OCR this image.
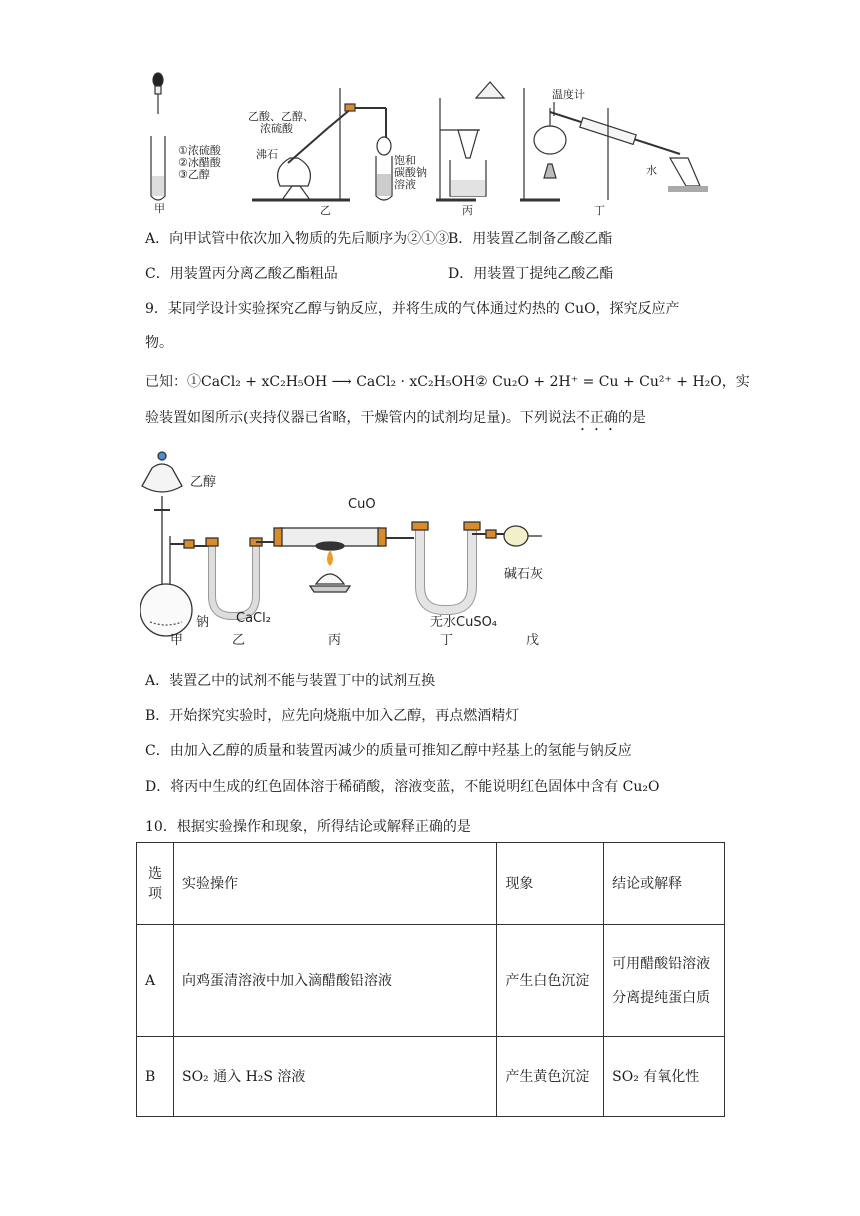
①浓硫酸
②冰醋酸
③乙醇
甲
乙酸、乙醇、
浓硫酸
沸石	饱和
碳酸钠
溶液
乙	丙
温度计
水
丁
A．向甲试管中依次加入物质的先后顺序为②①③
B．用装置乙制备乙酸乙酯
C．用装置丙分离乙酸乙酯粗品	D．用装置丁提纯乙酸乙酯
9．某同学设计实验探究乙醇与钠反应，并将生成的气体通过灼热的 CuO，探究反应产
物。
已知：①CaCl₂ + xC₂H₅OH ⟶ CaCl₂ · xC₂H₅OH② Cu₂O + 2H⁺ = Cu + Cu²⁺ + H₂O，实
验装置如图所示(夹持仪器已省略，干燥管内的试剂均足量)。下列说法不正确的是
乙醇
钠 CaCl₂
CuO
无水CuSO₄
碱石灰
甲	乙	丙	丁	戊
A．装置乙中的试剂不能与装置丁中的试剂互换
B．开始探究实验时，应先向烧瓶中加入乙醇，再点燃酒精灯
C．由加入乙醇的质量和装置丙减少的质量可推知乙醇中羟基上的氢能与钠反应
D．将丙中生成的红色固体溶于稀硝酸，溶液变蓝，不能说明红色固体中含有 Cu₂O
10．根据实验操作和现象，所得结论或解释正确的是
选项	实验操作	现象	结论或解释
A	向鸡蛋清溶液中加入滴醋酸铅溶液	产生白色沉淀	可用醋酸铅溶液分离提纯蛋白质
B	SO₂ 通入 H₂S 溶液	产生黄色沉淀	SO₂ 有氧化性
